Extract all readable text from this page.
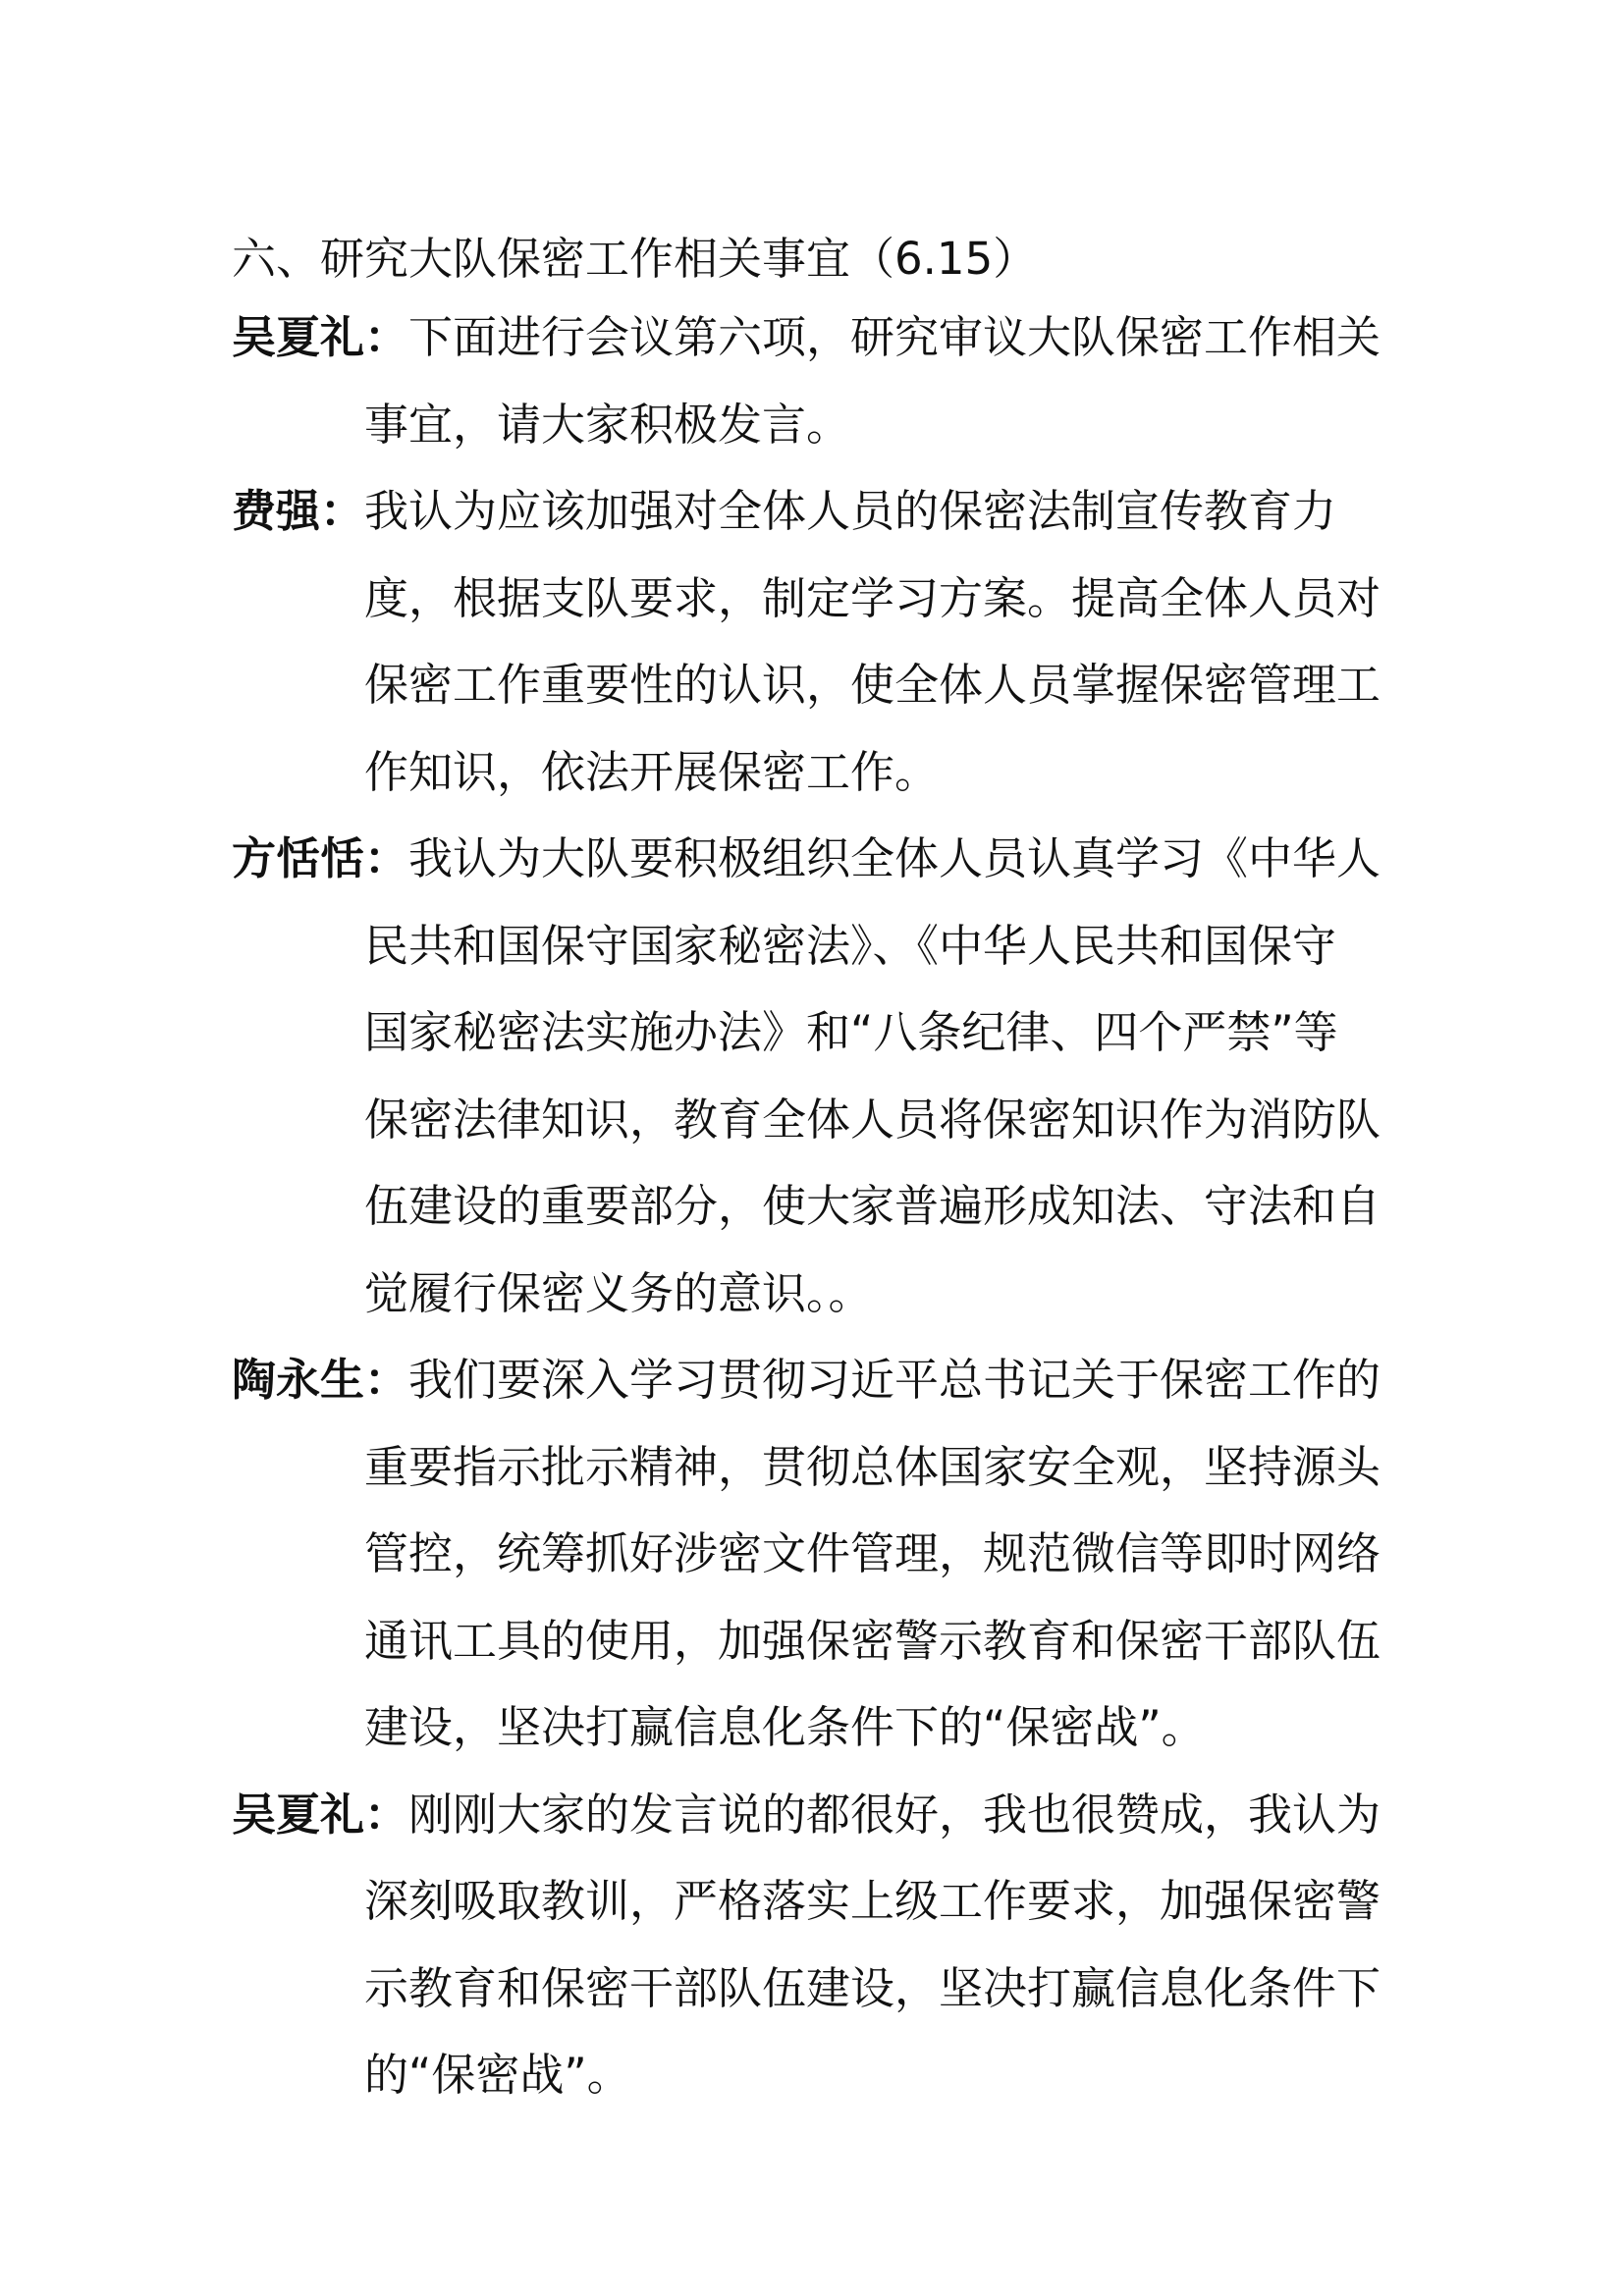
六、研究大队保密工作相关事宜（6.15）

吴夏礼：下面进行会议第六项，研究审议大队保密工作相关
事宜，请大家积极发言。
费强：我认为应该加强对全体人员的保密法制宣传教育力
度，根据支队要求，制定学习方案。提高全体人员对
保密工作重要性的认识，使全体人员掌握保密管理工
作知识，依法开展保密工作。
方恬恬：我认为大队要积极组织全体人员认真学习《中华人
民共和国保守国家秘密法》、《中华人民共和国保守
国家秘密法实施办法》和“八条纪律、四个严禁”等
保密法律知识，教育全体人员将保密知识作为消防队
伍建设的重要部分，使大家普遍形成知法、守法和自
觉履行保密义务的意识。。
陶永生：我们要深入学习贯彻习近平总书记关于保密工作的
重要指示批示精神，贯彻总体国家安全观，坚持源头
管控，统筹抓好涉密文件管理，规范微信等即时网络
通讯工具的使用，加强保密警示教育和保密干部队伍
建设，坚决打赢信息化条件下的“保密战”。
吴夏礼：刚刚大家的发言说的都很好，我也很赞成，我认为
深刻吸取教训，严格落实上级工作要求，加强保密警
示教育和保密干部队伍建设，坚决打赢信息化条件下
的“保密战”。
